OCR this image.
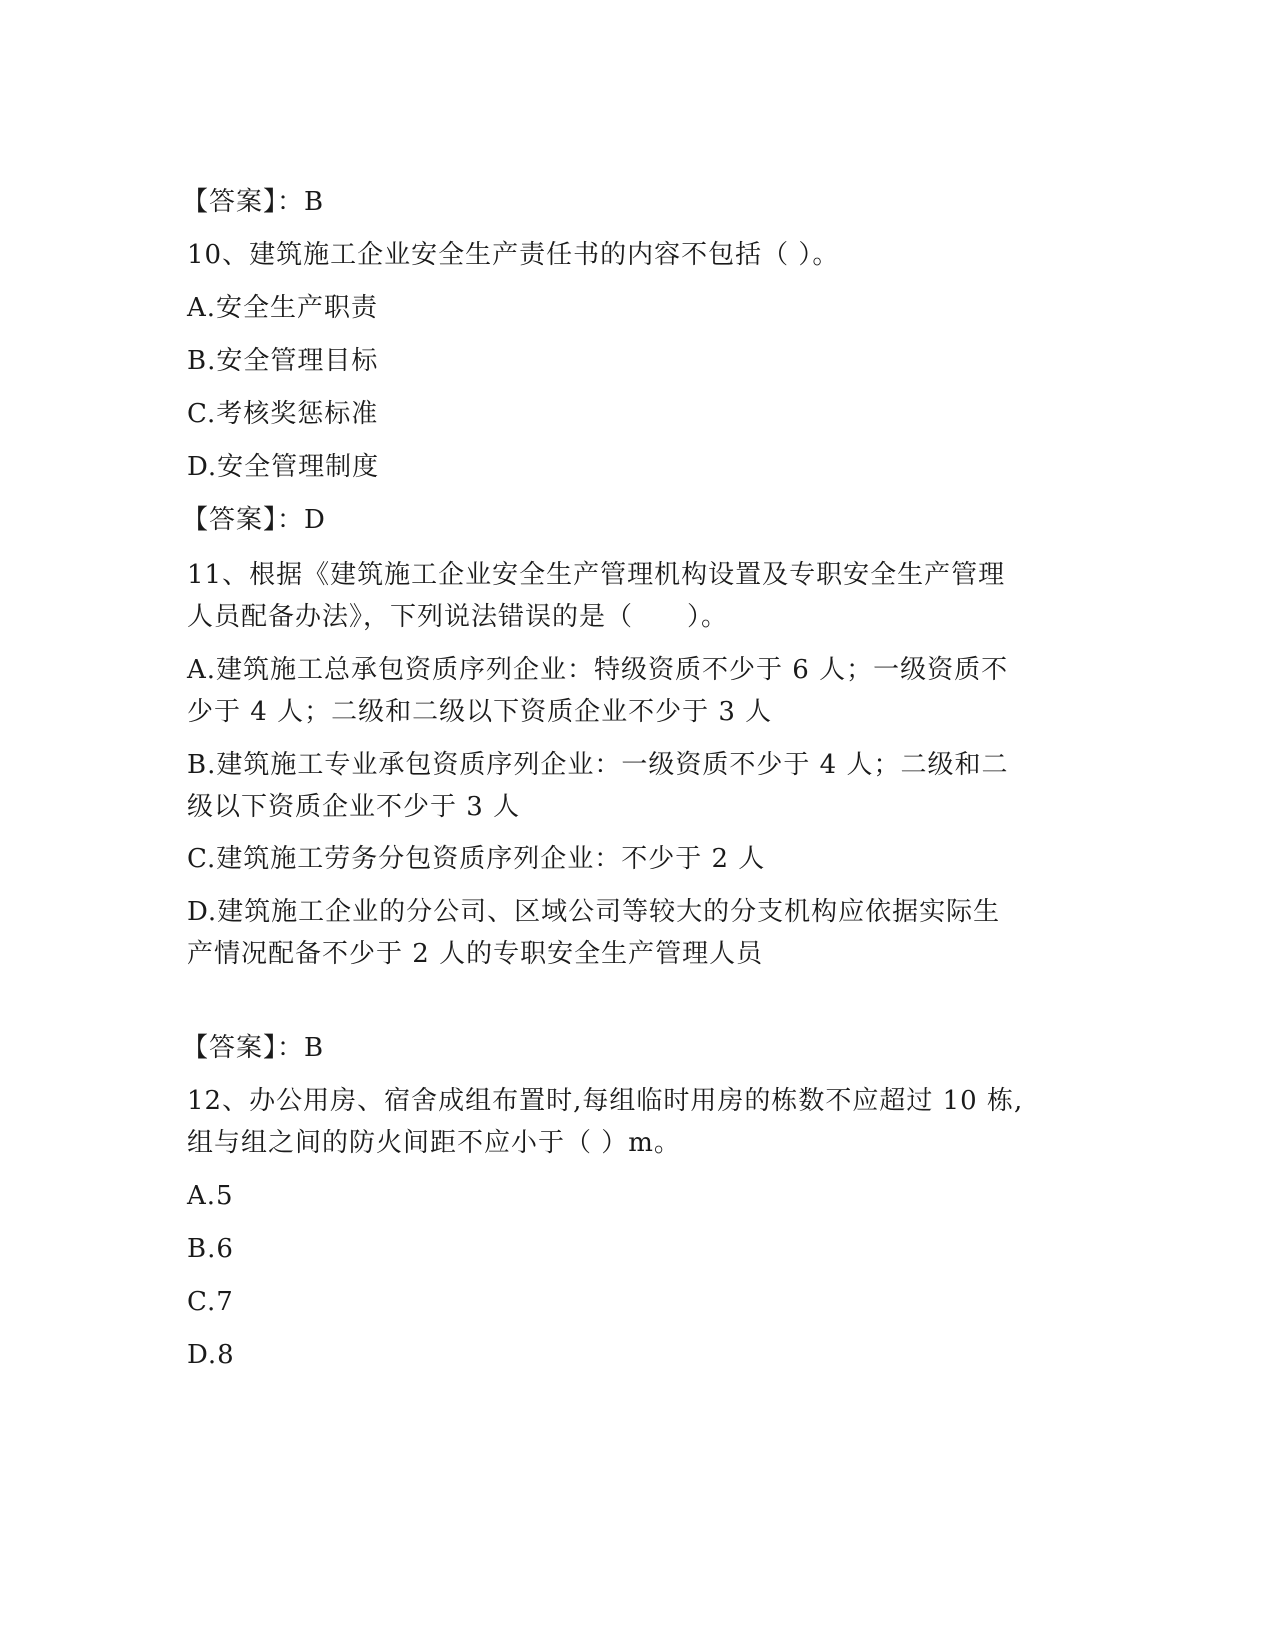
【答案】：B
10、建筑施工企业安全生产责任书的内容不包括（ ）。
A.安全生产职责
B.安全管理目标
C.考核奖惩标准
D.安全管理制度
【答案】：D
11、根据《建筑施工企业安全生产管理机构设置及专职安全生产管理
人员配备办法》，下列说法错误的是（　　）。
A.建筑施工总承包资质序列企业：特级资质不少于 6 人；一级资质不
少于 4 人；二级和二级以下资质企业不少于 3 人
B.建筑施工专业承包资质序列企业：一级资质不少于 4 人；二级和二
级以下资质企业不少于 3 人
C.建筑施工劳务分包资质序列企业：不少于 2 人
D.建筑施工企业的分公司、区域公司等较大的分支机构应依据实际生
产情况配备不少于 2 人的专职安全生产管理人员
【答案】：B
12、办公用房、宿舍成组布置时,每组临时用房的栋数不应超过 10 栋,
组与组之间的防火间距不应小于（ ）m。
A.5
B.6
C.7
D.8
